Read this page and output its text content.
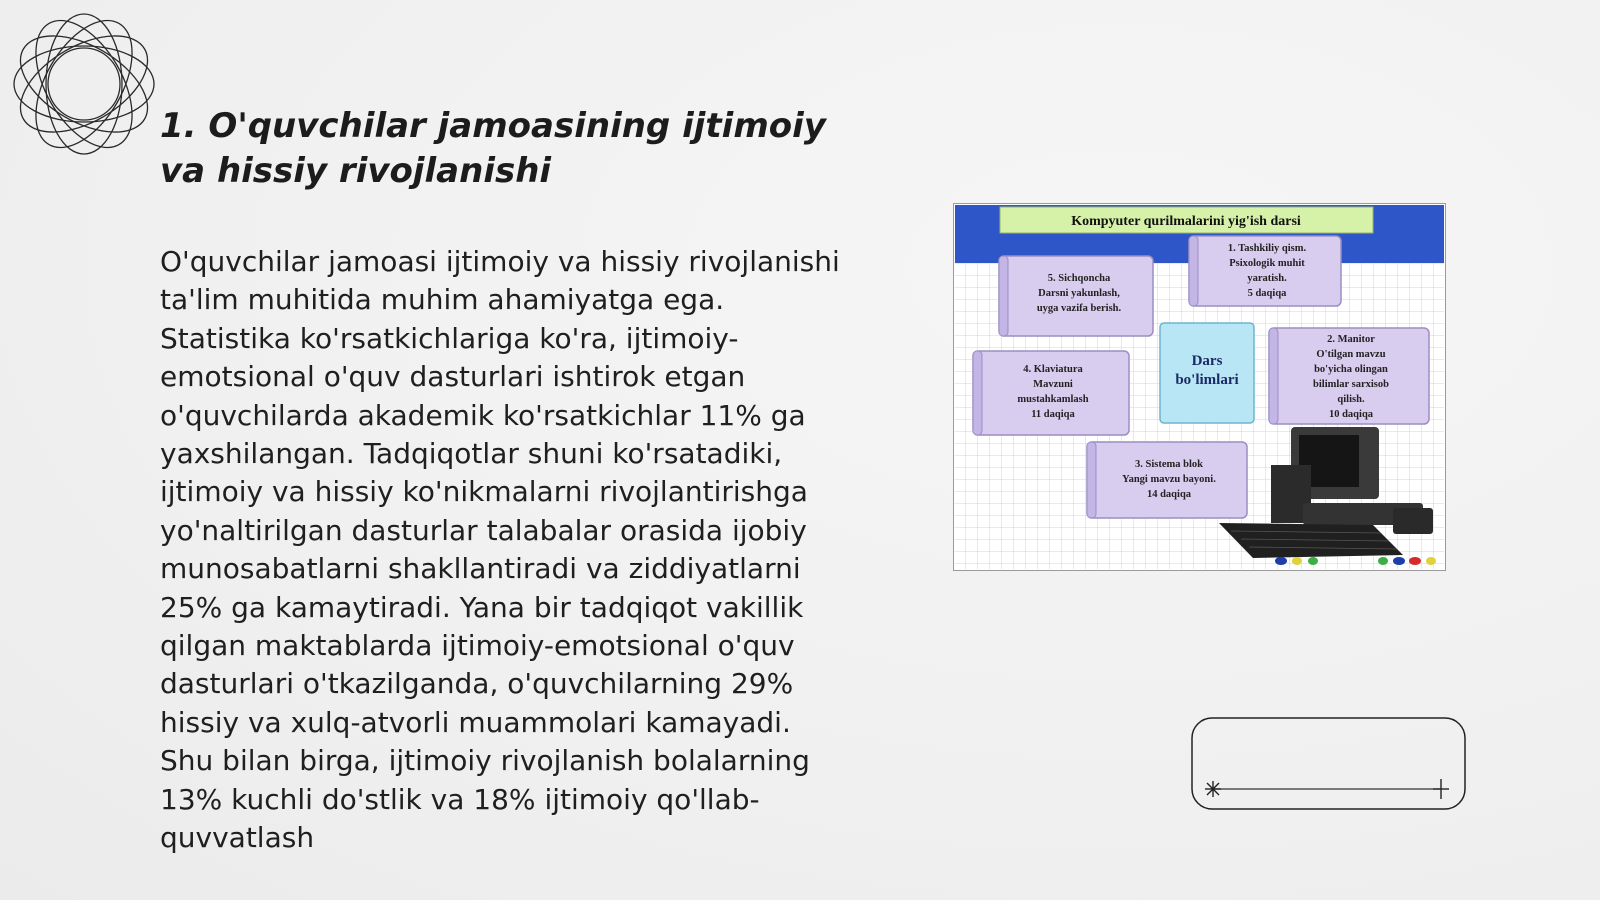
1. O'quvchilar jamoasining ijtimoiy va hissiy rivojlanishi

O'quvchilar jamoasi ijtimoiy va hissiy rivojlanishi ta'lim muhitida muhim ahamiyatga ega. Statistika ko'rsatkichlariga ko'ra, ijtimoiy-emotsional o'quv dasturlari ishtirok etgan o'quvchilarda akademik ko'rsatkichlar 11% ga yaxshilangan. Tadqiqotlar shuni ko'rsatadiki, ijtimoiy va hissiy ko'nikmalarni rivojlantirishga yo'naltirilgan dasturlar talabalar orasida ijobiy munosabatlarni shakllantiradi va ziddiyatlarni 25% ga kamaytiradi. Yana bir tadqiqot vakillik qilgan maktablarda ijtimoiy-emotsional o'quv dasturlari o'tkazilganda, o'quvchilarning 29% hissiy va xulq-atvorli muammolari kamayadi. Shu bilan birga, ijtimoiy rivojlanish bolalarning 13% kuchli do'stlik va 18% ijtimoiy qo'llab-quvvatlash

Kompyuter qurilmalarini yig'ish darsi
5. Sichqoncha
Darsni yakunlash,
uyga vazifa berish.
1. Tashkiliy qism.
Psixologik muhit
yaratish.
5 daqiqa
4. Klaviatura
Mavzuni
mustahkamlash
11 daqiqa
Dars
bo'limlari
2. Manitor
O'tilgan mavzu
bo'yicha olingan
bilimlar sarxisob
qilish.
10 daqiqa
3. Sistema blok
Yangi mavzu bayoni.
14 daqiqa
